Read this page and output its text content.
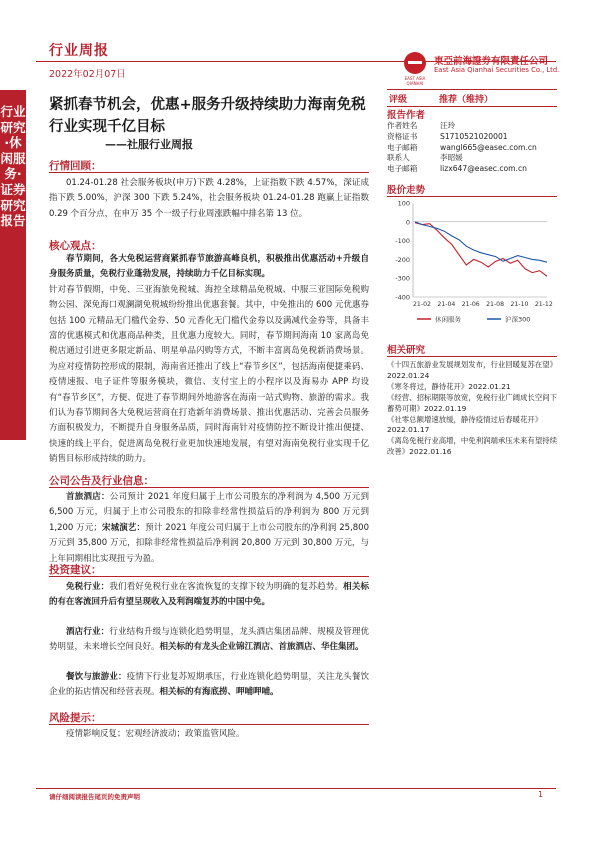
行业研究·休闲服务·证券研究报告
行业周报
2022年02月07日	EAST ASIA QIANHAI
東亞前海證券有限責任公司
East Asia Qianhai Securities Co., Ltd.
紧抓春节机会，优惠+服务升级持续助力海南免税行业实现千亿目标
——社服行业周报
行情回顾：
01.24-01.28 社会服务板块(申万)下跌 4.28%，上证指数下跌 4.57%，深证成指下跌 5.00%，沪深 300 下跌 5.24%，社会服务板块 01.24-01.28 跑赢上证指数 0.29 个百分点，在申万 35 个一级子行业周涨跌幅中排名第 13 位。
核心观点：
春节期间，各大免税运营商紧抓春节旅游高峰良机，积极推出优惠活动+升级自身服务质量，免税行业蓬勃发展，持续助力千亿目标实现。
针对春节假期，中免、三亚海旅免税城、海控全球精品免税城、中服三亚国际免税购物公园、深免海口观澜湖免税城纷纷推出优惠套餐。其中，中免推出的 600 元优惠券包括 100 元精品无门槛代金券、50 元香化无门槛代金券以及满减代金券等，具备丰富的优惠模式和优惠商品种类，且优惠力度较大。同时，春节期间海南 10 家离岛免税店通过引进更多限定新品、明星单品闪购等方式，不断丰富离岛免税新消费场景。为应对疫情防控形成的限制，海南省还推出了线上“春节乡区”，包括海南便捷乘码、疫情速报、电子证件等服务模块，微信、支付宝上的小程序以及海易办 APP 均设有“春节乡区”，方便、促进了春节期间外地游客在海南一站式购物、旅游的需求。我们认为春节期间各大免税运营商在打造新年消费场景、推出优惠活动、完善会员服务方面积极发力，不断提升自身服务品质，同时海南针对疫情防控不断设计推出便捷、快速的线上平台，促进离岛免税行业更加快速地发展，有望对海南免税行业实现千亿销售目标形成持续的助力。
公司公告及行业信息：
首旅酒店：公司预计 2021 年度归属于上市公司股东的净利润为 4,500 万元到 6,500 万元，归属于上市公司股东的扣除非经常性损益后的净利润为 800 万元到 1,200 万元；宋城演艺：预计 2021 年度公司归属于上市公司股东的净利润 25,800 万元到 35,800 万元，扣除非经常性损益后净利润 20,800 万元到 30,800 万元，与上年同期相比实现扭亏为盈。
投资建议：
免税行业：我们看好免税行业在客流恢复的支撑下较为明确的复苏趋势。相关标的有在客流回升后有望呈现收入及利润端复苏的中国中免。
酒店行业：行业结构升级与连锁化趋势明显，龙头酒店集团品牌、规模及管理优势明显，未来增长空间良好。相关标的有龙头企业锦江酒店、首旅酒店、华住集团。
餐饮与旅游业：疫情下行业复苏短期承压，行业连锁化趋势明显，关注龙头餐饮企业的拓店情况和经营表现。相关标的有海底捞、呷哺呷哺。
风险提示：
疫情影响反复；宏观经济波动；政策监管风险。
评级	推荐（维持）
报告作者
作者姓名	汪玲
资格证书	S1710521020001
电子邮箱	wangl665@easec.com.cn
联系人	李昭媛
电子邮箱	lizx647@easec.com.cn
股价走势
100
0
-100
-200
-300
-400
21-02 21-04 21-06 21-08 21-10 21-12
休闲服务	沪深300
相关研究
《十四五旅游业发展规划发布，行业回暖复苏在望》2022.01.24
《寒冬将过，静待花开》2022.01.21
《经营、招标期限等放宽，免税行业广阔成长空间下蓄势可期》2022.01.19
《社零总额增速放缓，静待疫情过后春暖花开》2022.01.17
《离岛免税行业高增，中免利润端承压未来有望持续改善》2022.01.16
请仔细阅读报告尾页的免责声明	1
